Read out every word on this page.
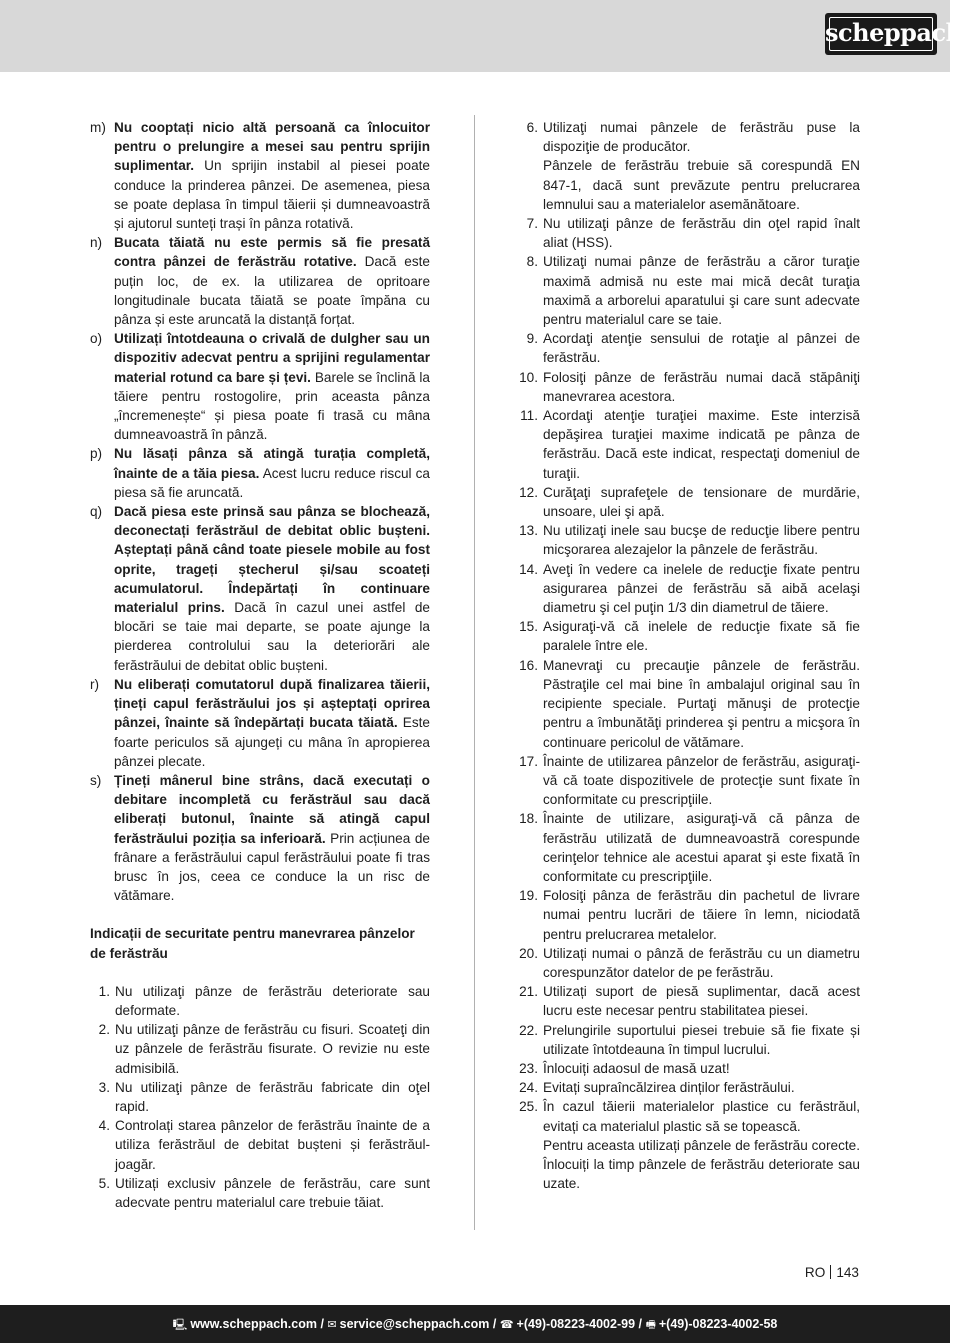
scheppach
m) Nu cooptați nicio altă persoană ca înlocuitor pentru o prelungire a mesei sau pentru sprijin suplimentar. Un sprijin instabil al piesei poate conduce la prinderea pânzei. De asemenea, piesa se poate deplasa în timpul tăierii și dumneavoastră și ajutorul sunteți trași în pânza rotativă.
n) Bucata tăiată nu este permis să fie presată contra pânzei de ferăstrău rotative. Dacă este puțin loc, de ex. la utilizarea de opritoare longitudinale bucata tăiată se poate împăna cu pânza și este aruncată la distanță forțat.
o) Utilizați întotdeauna o crivală de dulgher sau un dispozitiv adecvat pentru a sprijini regulamentar material rotund ca bare și țevi. Barele se înclină la tăiere pentru rostogolire, prin aceasta pânza „încremenește“ și piesa poate fi trasă cu mâna dumneavoastră în pânză.
p) Nu lăsați pânza să atingă turația completă, înainte de a tăia piesa. Acest lucru reduce riscul ca piesa să fie aruncată.
q) Dacă piesa este prinsă sau pânza se blochează, deconectați ferăstrăul de debitat oblic bușteni. Așteptați până când toate piesele mobile au fost oprite, trageți ștecherul și/sau scoateți acumulatorul. Îndepărtați în continuare materialul prins. Dacă în cazul unei astfel de blocări se taie mai departe, se poate ajunge la pierderea controlului sau la deteriorări ale ferăstrăului de debitat oblic bușteni.
r) Nu eliberați comutatorul după finalizarea tăierii, țineți capul ferăstrăului jos și așteptați oprirea pânzei, înainte să îndepărtați bucata tăiată. Este foarte periculos să ajungeți cu mâna în apropierea pânzei plecate.
s) Țineți mânerul bine strâns, dacă executați o debitare incompletă cu ferăstrăul sau dacă eliberați butonul, înainte să atingă capul ferăstrăului poziția sa inferioară. Prin acțiunea de frânare a ferăstrăului capul ferăstrăului poate fi tras brusc în jos, ceea ce conduce la un risc de vătămare.
Indicații de securitate pentru manevrarea pânzelor de ferăstrău
1. Nu utilizaţi pânze de ferăstrău deteriorate sau deformate.
2. Nu utilizaţi pânze de ferăstrău cu fisuri. Scoateţi din uz pânzele de ferăstrău fisurate. O revizie nu este admisibilă.
3. Nu utilizaţi pânze de ferăstrău fabricate din oţel rapid.
4. Controlați starea pânzelor de ferăstrău înainte de a utiliza ferăstrăul de debitat bușteni și ferăstrăul-joagăr.
5. Utilizați exclusiv pânzele de ferăstrău, care sunt adecvate pentru materialul care trebuie tăiat.
6. Utilizaţi numai pânzele de ferăstrău puse la dispoziţie de producător.
Pânzele de ferăstrău trebuie să corespundă EN 847-1, dacă sunt prevăzute pentru prelucrarea lemnului sau a materialelor asemănătoare.
7. Nu utilizaţi pânze de ferăstrău din oţel rapid înalt aliat (HSS).
8. Utilizaţi numai pânze de ferăstrău a căror turaţie maximă admisă nu este mai mică decât turaţia maximă a arborelui aparatului şi care sunt adecvate pentru materialul care se taie.
9. Acordaţi atenţie sensului de rotaţie al pânzei de ferăstrău.
10. Folosiţi pânze de ferăstrău numai dacă stăpâniţi manevrarea acestora.
11. Acordaţi atenţie turaţiei maxime. Este interzisă depăşirea turaţiei maxime indicată pe pânza de ferăstrău. Dacă este indicat, respectaţi domeniul de turaţii.
12. Curăţaţi suprafeţele de tensionare de murdărie, unsoare, ulei şi apă.
13. Nu utilizaţi inele sau bucşe de reducţie libere pentru micşorarea alezajelor la pânzele de ferăstrău.
14. Aveţi în vedere ca inelele de reducţie fixate pentru asigurarea pânzei de ferăstrău să aibă acelaşi diametru şi cel puţin 1/3 din diametrul de tăiere.
15. Asiguraţi-vă că inelele de reducţie fixate să fie paralele între ele.
16. Manevraţi cu precauţie pânzele de ferăstrău. Păstraţile cel mai bine în ambalajul original sau în recipiente speciale. Purtaţi mănuşi de protecţie pentru a îmbunătăţi prinderea şi pentru a micşora în continuare pericolul de vătămare.
17. Înainte de utilizarea pânzelor de ferăstrău, asiguraţi-vă că toate dispozitivele de protecţie sunt fixate în conformitate cu prescripţiile.
18. Înainte de utilizare, asiguraţi-vă că pânza de ferăstrău utilizată de dumneavoastră corespunde cerinţelor tehnice ale acestui aparat şi este fixată în conformitate cu prescripţiile.
19. Folosiţi pânza de ferăstrău din pachetul de livrare numai pentru lucrări de tăiere în lemn, niciodată pentru prelucrarea metalelor.
20. Utilizați numai o pânză de ferăstrău cu un diametru corespunzător datelor de pe ferăstrău.
21. Utilizați suport de piesă suplimentar, dacă acest lucru este necesar pentru stabilitatea piesei.
22. Prelungirile suportului piesei trebuie să fie fixate și utilizate întotdeauna în timpul lucrului.
23. Înlocuiți adaosul de masă uzat!
24. Evitați supraîncălzirea dinților ferăstrăului.
25. În cazul tăierii materialelor plastice cu ferăstrăul, evitați ca materialul plastic să se topească.
Pentru aceasta utilizați pânzele de ferăstrău corecte. Înlocuiți la timp pânzele de ferăstrău deteriorate sau uzate.
RO 143
🖳 www.scheppach.com / ✉ service@scheppach.com / ☎ +(49)-08223-4002-99 / 🖷 +(49)-08223-4002-58
